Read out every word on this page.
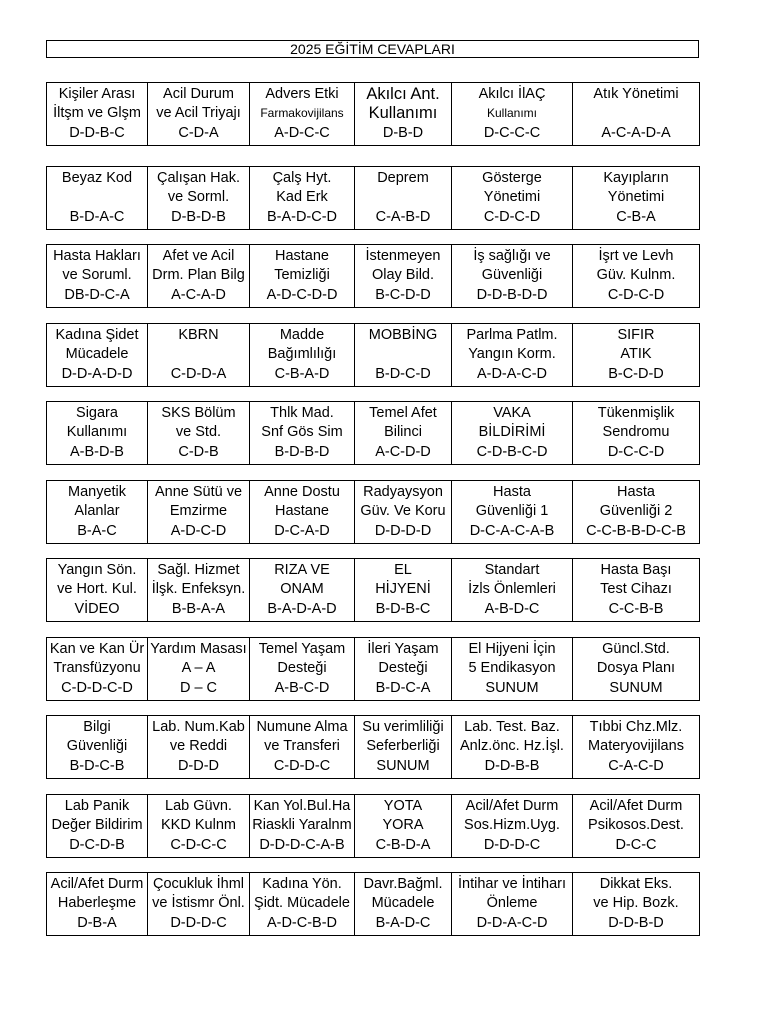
2025 EĞİTİM CEVAPLARI
Kişiler Arası
İltşm ve Glşm
D-D-B-C
Acil Durum
ve Acil Triyajı
C-D-A
Advers Etki
Farmakovijilans
A-D-C-C
Akılcı Ant.
Kullanımı
D-B-D
Akılcı İlAÇ
Kullanımı
D-C-C-C
Atık Yönetimi
A-C-A-D-A
Beyaz Kod
B-D-A-C
Çalışan Hak.
ve Sorml.
D-B-D-B
Çalş Hyt.
Kad Erk
B-A-D-C-D
Deprem
C-A-B-D
Gösterge
Yönetimi
C-D-C-D
Kayıpların
Yönetimi
C-B-A
Hasta Hakları
ve Soruml.
DB-D-C-A
Afet ve Acil
Drm. Plan Bilg
A-C-A-D
Hastane
Temizliği
A-D-C-D-D
İstenmeyen
Olay Bild.
B-C-D-D
İş sağlığı ve
Güvenliği
D-D-B-D-D
İşrt ve Levh
Güv. Kulnm.
C-D-C-D
Kadına Şidet
Mücadele
D-D-A-D-D
KBRN
C-D-D-A
Madde
Bağımlılığı
C-B-A-D
MOBBİNG
B-D-C-D
Parlma Patlm.
Yangın Korm.
A-D-A-C-D
SIFIR
ATIK
B-C-D-D
Sigara
Kullanımı
A-B-D-B
SKS Bölüm
ve Std.
C-D-B
Thlk Mad.
Snf Gös Sim
B-D-B-D
Temel Afet
Bilinci
A-C-D-D
VAKA
BİLDİRİMİ
C-D-B-C-D
Tükenmişlik
Sendromu
D-C-C-D
Manyetik
Alanlar
B-A-C
Anne Sütü ve
Emzirme
A-D-C-D
Anne Dostu
Hastane
D-C-A-D
Radyaysyon
Güv. Ve Koru
D-D-D-D
Hasta
Güvenliği 1
D-C-A-C-A-B
Hasta
Güvenliği 2
C-C-B-B-D-C-B
Yangın Sön.
ve Hort. Kul.
VİDEO
Sağl. Hizmet
İlşk. Enfeksyn.
B-B-A-A
RIZA VE
ONAM
B-A-D-A-D
EL
HİJYENİ
B-D-B-C
Standart
İzls Önlemleri
A-B-D-C
Hasta Başı
Test Cihazı
C-C-B-B
Kan ve Kan Ür
Transfüzyonu
C-D-D-C-D
Yardım Masası
A – A
D – C
Temel Yaşam
Desteği
A-B-C-D
İleri Yaşam
Desteği
B-D-C-A
El Hijyeni İçin
5 Endikasyon
SUNUM
Güncl.Std.
Dosya Planı
SUNUM
Bilgi
Güvenliği
B-D-C-B
Lab. Num.Kab
ve Reddi
D-D-D
Numune Alma
ve Transferi
C-D-D-C
Su verimliliği
Seferberliği
SUNUM
Lab. Test. Baz.
Anlz.önc. Hz.İşl.
D-D-B-B
Tıbbi Chz.Mlz.
Materyovijilans
C-A-C-D
Lab Panik
Değer Bildirim
D-C-D-B
Lab Güvn.
KKD Kulnm
C-D-C-C
Kan Yol.Bul.Ha
Riaskli Yaralnm
D-D-D-C-A-B
YOTA
YORA
C-B-D-A
Acil/Afet Durm
Sos.Hizm.Uyg.
D-D-D-C
Acil/Afet Durm
Psikosos.Dest.
D-C-C
Acil/Afet Durm
Haberleşme
D-B-A
Çocukluk İhml
ve İstismr Önl.
D-D-D-C
Kadına Yön.
Şidt. Mücadele
A-D-C-B-D
Davr.Bağml.
Mücadele
B-A-D-C
İntihar ve İntiharı
Önleme
D-D-A-C-D
Dikkat Eks.
ve Hip. Bozk.
D-D-B-D
